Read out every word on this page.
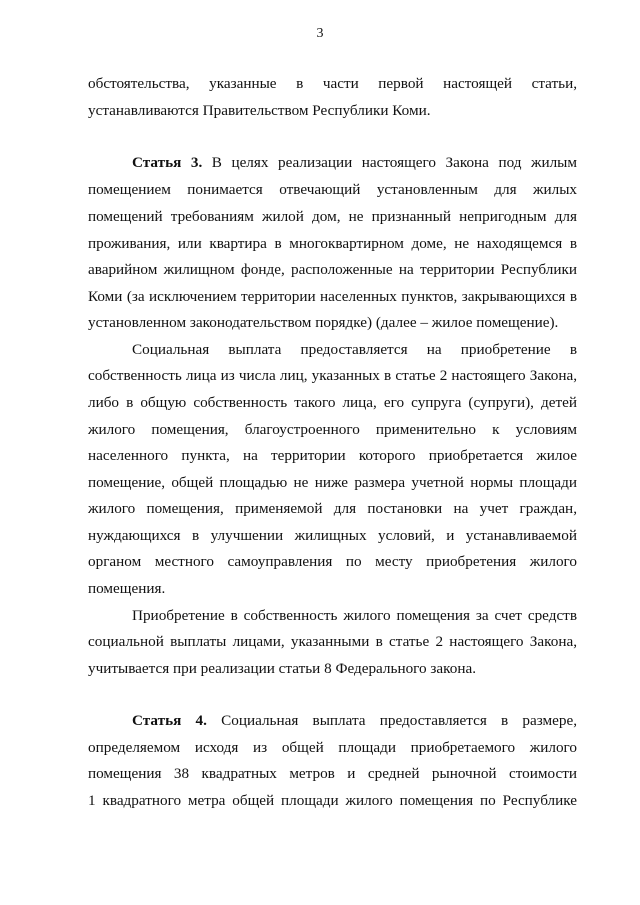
3
обстоятельства, указанные в части первой настоящей статьи,
устанавливаются Правительством Республики Коми.
Статья 3. В целях реализации настоящего Закона под жилым
помещением понимается отвечающий установленным для жилых
помещений требованиям жилой дом, не признанный непригодным для
проживания, или квартира в многоквартирном доме, не находящемся в
аварийном жилищном фонде, расположенные на территории Республики
Коми (за исключением территории населенных пунктов, закрывающихся в
установленном законодательством порядке) (далее – жилое помещение).
Социальная выплата предоставляется на приобретение в
собственность лица из числа лиц, указанных в статье 2 настоящего Закона,
либо в общую собственность такого лица, его супруга (супруги), детей
жилого помещения, благоустроенного применительно к условиям
населенного пункта, на территории которого приобретается жилое
помещение, общей площадью не ниже размера учетной нормы площади
жилого помещения, применяемой для постановки на учет граждан,
нуждающихся в улучшении жилищных условий, и устанавливаемой
органом местного самоуправления по месту приобретения жилого
помещения.
Приобретение в собственность жилого помещения за счет средств
социальной выплаты лицами, указанными в статье 2 настоящего Закона,
учитывается при реализации статьи 8 Федерального закона.
Статья 4. Социальная выплата предоставляется в размере,
определяемом исходя из общей площади приобретаемого жилого
помещения 38 квадратных метров и средней рыночной стоимости
1 квадратного метра общей площади жилого помещения по Республике
